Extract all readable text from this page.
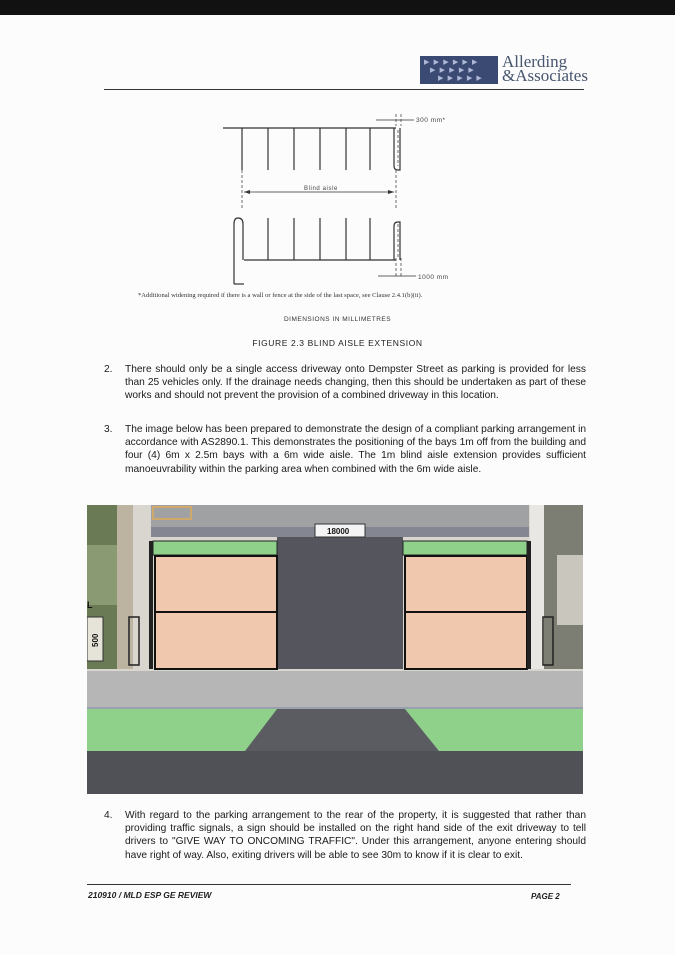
▶ ▶ ▶ ▶ ▶ ▶
▶ ▶ ▶ ▶ ▶
▶ ▶ ▶ ▶ ▶
Allerding
&Associates
Blind aisle
300 mm*
1000 mm
*Additional widening required if there is a wall or fence at the side of the last space, see Clause 2.4.1(b)(ii).
DIMENSIONS IN MILLIMETRES
FIGURE 2.3 BLIND AISLE EXTENSION
2. There should only be a single access driveway onto Dempster Street as parking is provided for less than 25 vehicles only. If the drainage needs changing, then this should be undertaken as part of these works and should not prevent the provision of a combined driveway in this location.
3. The image below has been prepared to demonstrate the design of a compliant parking arrangement in accordance with AS2890.1. This demonstrates the positioning of the bays 1m off from the building and four (4) 6m x 2.5m bays with a 6m wide aisle. The 1m blind aisle extension provides sufficient manoeuvrability within the parking area when combined with the 6m wide aisle.
18000
500
L
4. With regard to the parking arrangement to the rear of the property, it is suggested that rather than providing traffic signals, a sign should be installed on the right hand side of the exit driveway to tell drivers to "GIVE WAY TO ONCOMING TRAFFIC". Under this arrangement, anyone entering should have right of way. Also, exiting drivers will be able to see 30m to know if it is clear to exit.
210910 / MLD ESP GE REVIEW	PAGE 2
